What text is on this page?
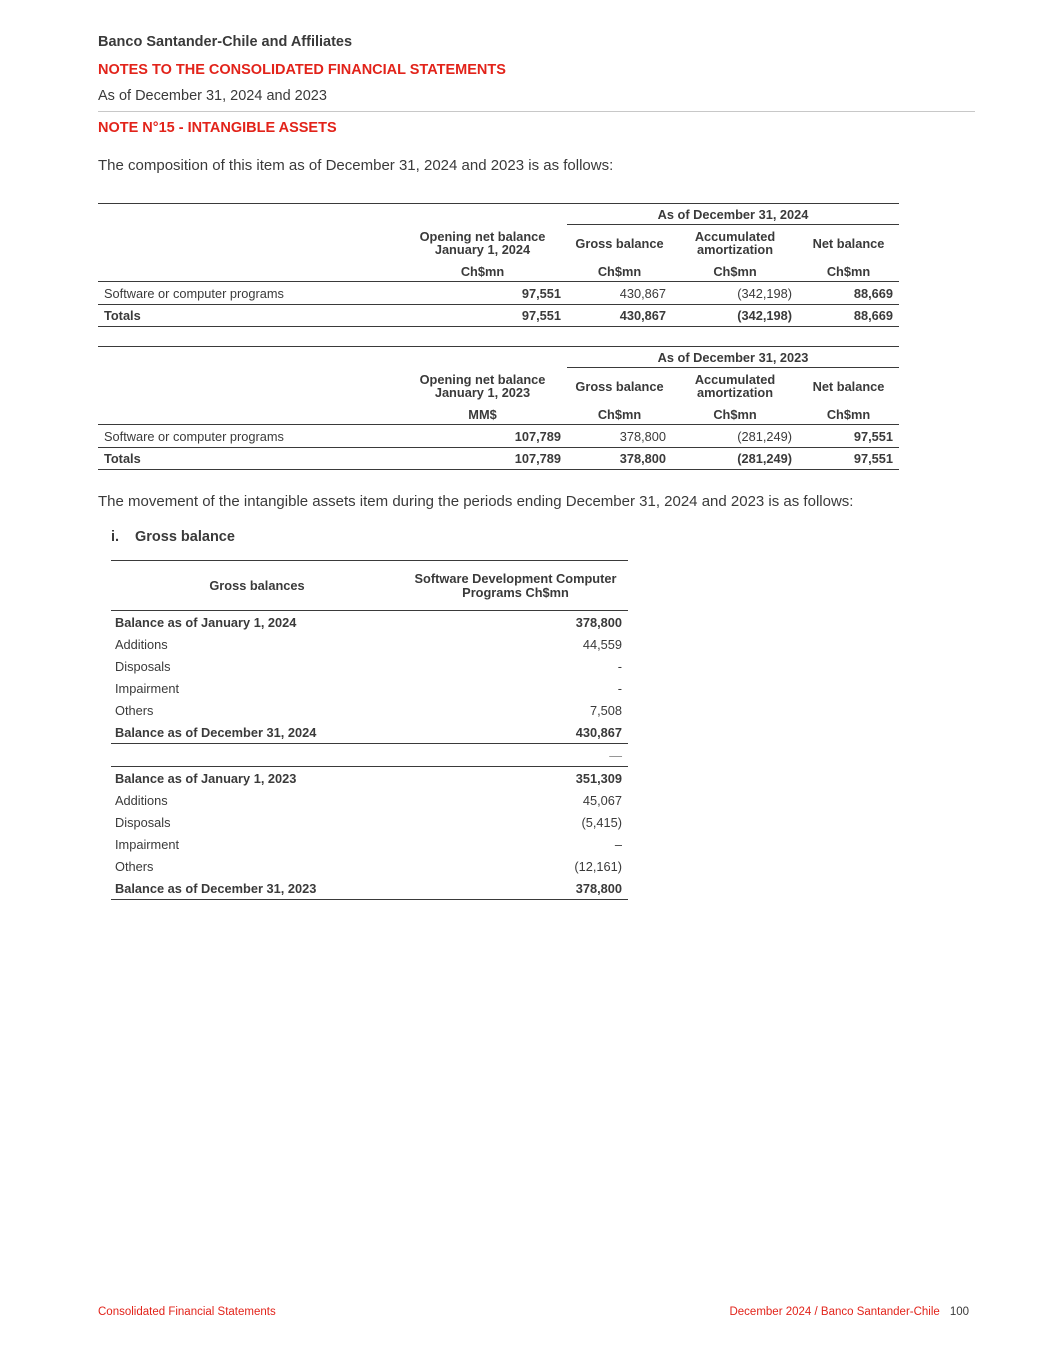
Banco Santander-Chile and Affiliates
NOTES TO THE CONSOLIDATED FINANCIAL STATEMENTS
As of December 31, 2024 and 2023
NOTE N°15 - INTANGIBLE ASSETS
The composition of this item as of December 31, 2024 and 2023 is as follows:
		As of December 31, 2024		
	Opening net balance January 1, 2024	Gross balance	Accumulated amortization	Net balance
	Ch$mn	Ch$mn	Ch$mn	Ch$mn
Software or computer programs	97,551	430,867	(342,198)	88,669
Totals	97,551	430,867	(342,198)	88,669
		As of December 31, 2023		
	Opening net balance January 1, 2023	Gross balance	Accumulated amortization	Net balance
	MM$	Ch$mn	Ch$mn	Ch$mn
Software or computer programs	107,789	378,800	(281,249)	97,551
Totals	107,789	378,800	(281,249)	97,551
The movement of the intangible assets item during the periods ending December 31, 2024 and 2023 is as follows:
i. Gross balance
Gross balances	Software Development Computer Programs Ch$mn
Balance as of January 1, 2024	378,800
Additions	44,559
Disposals	-
Impairment	-
Others	7,508
Balance as of December 31, 2024	430,867
	—
Balance as of January 1, 2023	351,309
Additions	45,067
Disposals	(5,415)
Impairment	–
Others	(12,161)
Balance as of December 31, 2023	378,800
Consolidated Financial Statements	December 2024 / Banco Santander-Chile 100
